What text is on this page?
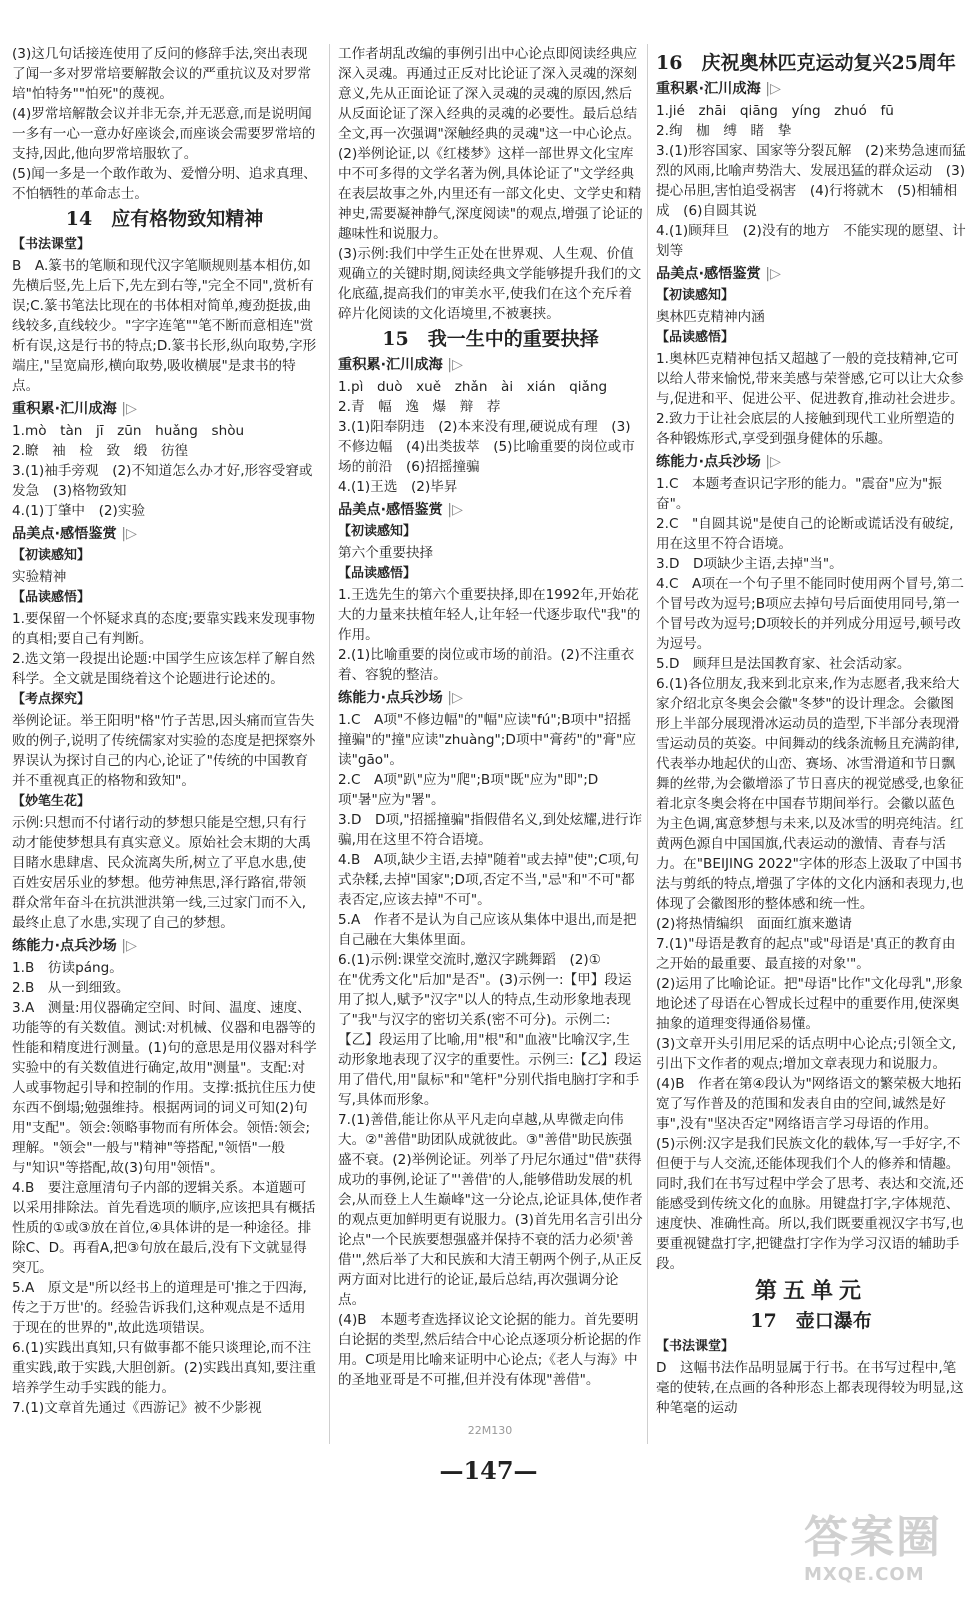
(3)这几句话接连使用了反问的修辞手法,突出表现了闻一多对罗常培要解散会议的严重抗议及对罗常培"怕特务""怕死"的蔑视。

(4)罗常培解散会议并非无奈,并无恶意,而是说明闻一多有一心一意办好座谈会,而座谈会需要罗常培的支持,因此,他向罗常培服软了。

(5)闻一多是一个敢作敢为、爱憎分明、追求真理、不怕牺牲的革命志士。

14　应有格物致知精神
【书法课堂】

B　A.篆书的笔顺和现代汉字笔顺规则基本相仿,如先横后竖,先上后下,先左到右等,"完全不同",赏析有误;C.篆书笔法比现在的书体相对简单,瘦劲挺拔,曲线较多,直线较少。"字字连笔""笔不断而意相连"赏析有误,这是行书的特点;D.篆书长形,纵向取势,字形端庄,"呈宽扁形,横向取势,吸收横展"是隶书的特点。

重积累·汇川成海 |▷

1.mò　tàn　jī　zūn　huǎng　shòu

2.瞭　袖　检　致　缎　彷徨

3.(1)袖手旁观　(2)不知道怎么办才好,形容受窘或发急　(3)格物致知

4.(1)丁肇中　(2)实验

品美点·感悟鉴赏 |▷
【初读感知】

实验精神

【品读感悟】

1.要保留一个怀疑求真的态度;要靠实践来发现事物的真相;要自己有判断。

2.选文第一段提出论题:中国学生应该怎样了解自然科学。全文就是围绕着这个论题进行论述的。

【考点探究】

举例论证。举王阳明"格"竹子苦思,因头痛而宣告失败的例子,说明了传统儒家对实验的态度是把探察外界误认为探讨自己的内心,论证了"传统的中国教育并不重视真正的格物和致知"。

【妙笔生花】

示例:只想而不付诸行动的梦想只能是空想,只有行动才能使梦想具有真实意义。原始社会末期的大禹目睹水患肆虐、民众流离失所,树立了平息水患,使百姓安居乐业的梦想。他劳神焦思,泽行路宿,带领群众常年奋斗在抗洪泄洪第一线,三过家门而不入,最终止息了水患,实现了自己的梦想。

练能力·点兵沙场 |▷

1.B　彷读páng。

2.B　从一到细致。

3.A　测量:用仪器确定空间、时间、温度、速度、功能等的有关数值。测试:对机械、仪器和电器等的性能和精度进行测量。(1)句的意思是用仪器对科学实验中的有关数值进行确定,故用"测量"。支配:对人或事物起引导和控制的作用。支撑:抵抗住压力使东西不倒塌;勉强维持。根据两词的词义可知(2)句用"支配"。领会:领略事物而有所体会。领悟:领会;理解。"领会"一般与"精神"等搭配,"领悟"一般与"知识"等搭配,故(3)句用"领悟"。

4.B　要注意厘清句子内部的逻辑关系。本道题可以采用排除法。首先看选项的顺序,应该把具有概括性质的①或③放在首位,④具体讲的是一种途径。排除C、D。再看A,把③句放在最后,没有下文就显得突兀。

5.A　原文是"所以经书上的道理是可'推之于四海,传之于万世'的。经验告诉我们,这种观点是不适用于现在的世界的",故此选项错误。

6.(1)实践出真知,只有做事都不能只谈理论,而不注重实践,敢于实践,大胆创新。(2)实践出真知,要注重培养学生动手实践的能力。

7.(1)文章首先通过《西游记》被不少影视

工作者胡乱改编的事例引出中心论点即阅读经典应深入灵魂。再通过正反对比论证了深入灵魂的深刻意义,先从正面论证了深入灵魂的灵魂的原因,然后从反面论证了深入经典的灵魂的必要性。最后总结全文,再一次强调"深触经典的灵魂"这一中心论点。

(2)举例论证,以《红楼梦》这样一部世界文化宝库中不可多得的文学名著为例,具体论证了"文学经典在表层故事之外,内里还有一部文化史、文学史和精神史,需要凝神静气,深度阅读"的观点,增强了论证的趣味性和说服力。

(3)示例:我们中学生正处在世界观、人生观、价值观确立的关键时期,阅读经典文学能够提升我们的文化底蕴,提高我们的审美水平,使我们在这个充斥着碎片化阅读的文化语境里,不被裹挟。

15　我一生中的重要抉择
重积累·汇川成海 |▷

1.pì　duò　xuě　zhǎn　ài　xián　qiǎng

2.青　幅　逸　爆　辩　荐

3.(1)阳奉阴违　(2)本来没有理,硬说成有理　(3)不修边幅　(4)出类拔萃　(5)比喻重要的岗位或市场的前沿　(6)招摇撞骗

4.(1)王选　(2)毕昇

品美点·感悟鉴赏 |▷
【初读感知】

第六个重要抉择

【品读感悟】

1.王选先生的第六个重要抉择,即在1992年,开始花大的力量来扶植年轻人,让年轻一代逐步取代"我"的作用。

2.(1)比喻重要的岗位或市场的前沿。(2)不注重衣着、容貌的整洁。

练能力·点兵沙场 |▷

1.C　A项"不修边幅"的"幅"应读"fú";B项中"招摇撞骗"的"撞"应读"zhuàng";D项中"膏药"的"膏"应读"gāo"。

2.C　A项"趴"应为"爬";B项"既"应为"即";D项"暑"应为"署"。

3.D　D项,"招摇撞骗"指假借名义,到处炫耀,进行诈骗,用在这里不符合语境。

4.B　A项,缺少主语,去掉"随着"或去掉"使";C项,句式杂糅,去掉"国家";D项,否定不当,"忌"和"不可"都表否定,应该去掉"不可"。

5.A　作者不是认为自己应该从集体中退出,而是把自己融在大集体里面。

6.(1)示例:课堂交流时,邀汉字跳舞蹈　(2)①　在"优秀文化"后加"是否"。(3)示例一:【甲】段运用了拟人,赋予"汉字"以人的特点,生动形象地表现了"我"与汉字的密切关系(密不可分)。示例二:【乙】段运用了比喻,用"根"和"血液"比喻汉字,生动形象地表现了汉字的重要性。示例三:【乙】段运用了借代,用"鼠标"和"笔杆"分别代指电脑打字和手写,具体而形象。

7.(1)善借,能让你从平凡走向卓越,从卑微走向伟大。②"善借"助团队成就彼此。③"善借"助民族强盛不衰。(2)举例论证。列举了丹尼尔通过"借"获得成功的事例,论证了"'善借'的人,能够借助发展的机会,从而登上人生巅峰"这一分论点,论证具体,使作者的观点更加鲜明更有说服力。(3)首先用名言引出分论点"一个民族要想强盛并保持不衰的活力必须'善借'",然后举了大和民族和大清王朝两个例子,从正反两方面对比进行的论证,最后总结,再次强调分论点。

(4)B　本题考查选择议论文论据的能力。首先要明白论据的类型,然后结合中心论点逐项分析论据的作用。C项是用比喻来证明中心论点;《老人与海》中的圣地亚哥是不可摧,但并没有体现"善借"。

16　庆祝奥林匹克运动复兴25周年
重积累·汇川成海 |▷

1.jié　zhāi　qiāng　yíng　zhuó　fū

2.绚　枷　缚　睹　挚

3.(1)形容国家、国家等分裂瓦解　(2)来势急速而猛烈的风雨,比喻声势浩大、发展迅猛的群众运动　(3)提心吊胆,害怕追受祸害　(4)行将就木　(5)相辅相成　(6)自圆其说

4.(1)顾拜旦　(2)没有的地方　不能实现的愿望、计划等

品美点·感悟鉴赏 |▷
【初读感知】

奥林匹克精神内涵

【品读感悟】

1.奥林匹克精神包括又超越了一般的竞技精神,它可以给人带来愉悦,带来美感与荣誉感,它可以让大众参与,促进和平、促进公平、促进教育,推动社会进步。

2.致力于让社会底层的人接触到现代工业所塑造的各种锻炼形式,享受到强身健体的乐趣。

练能力·点兵沙场 |▷

1.C　本题考查识记字形的能力。"震奋"应为"振奋"。

2.C　"自圆其说"是使自己的论断或谎话没有破绽,用在这里不符合语境。

3.D　D项缺少主语,去掉"当"。

4.C　A项在一个句子里不能同时使用两个冒号,第二个冒号改为逗号;B项应去掉句号后面使用同号,第一个冒号改为逗号;D项较长的并列成分用逗号,顿号改为逗号。

5.D　顾拜旦是法国教育家、社会活动家。

6.(1)各位朋友,我来到北京来,作为志愿者,我来给大家介绍北京冬奥会会徽"冬梦"的设计理念。会徽图形上半部分展现滑冰运动员的造型,下半部分表现滑雪运动员的英姿。中间舞动的线条流畅且充满韵律,代表举办地起伏的山峦、赛场、冰雪滑道和节日飘舞的丝带,为会徽增添了节日喜庆的视觉感受,也象征着北京冬奥会将在中国春节期间举行。会徽以蓝色为主色调,寓意梦想与未来,以及冰雪的明亮纯洁。红黄两色源自中国国旗,代表运动的激情、青春与活力。在"BEIJING 2022"字体的形态上汲取了中国书法与剪纸的特点,增强了字体的文化内涵和表现力,也体现了会徽图形的整体感和统一性。

(2)将热情编织　面面红旗来邀请

7.(1)"母语是教育的起点"或"母语是'真正的教育由之开始的最重要、最直接的对象'"。

(2)运用了比喻论证。把"母语"比作"文化母乳",形象地论述了母语在心智成长过程中的重要作用,使深奥抽象的道理变得通俗易懂。

(3)文章开头引用尼采的话点明中心论点;引领全文,引出下文作者的观点;增加文章表现力和说服力。

(4)B　作者在第④段认为"网络语文的繁荣极大地拓宽了写作普及的范围和发表自由的空间,诚然是好事",没有"坚决否定"网络语言学习母语的作用。

(5)示例:汉字是我们民族文化的载体,写一手好字,不但便于与人交流,还能体现我们个人的修养和情趣。同时,我们在书写过程中学会了思考、表达和交流,还能感受到传统文化的血脉。用键盘打字,字体规范、速度快、准确性高。所以,我们既要重视汉字书写,也要重视键盘打字,把键盘打字作为学习汉语的辅助手段。

第五单元
17　壶口瀑布
【书法课堂】

D　这幅书法作品明显属于行书。在书写过程中,笔毫的使转,在点画的各种形态上都表现得较为明显,这种笔毫的运动

22M130
—147—
答案圈
MXQE.COM
